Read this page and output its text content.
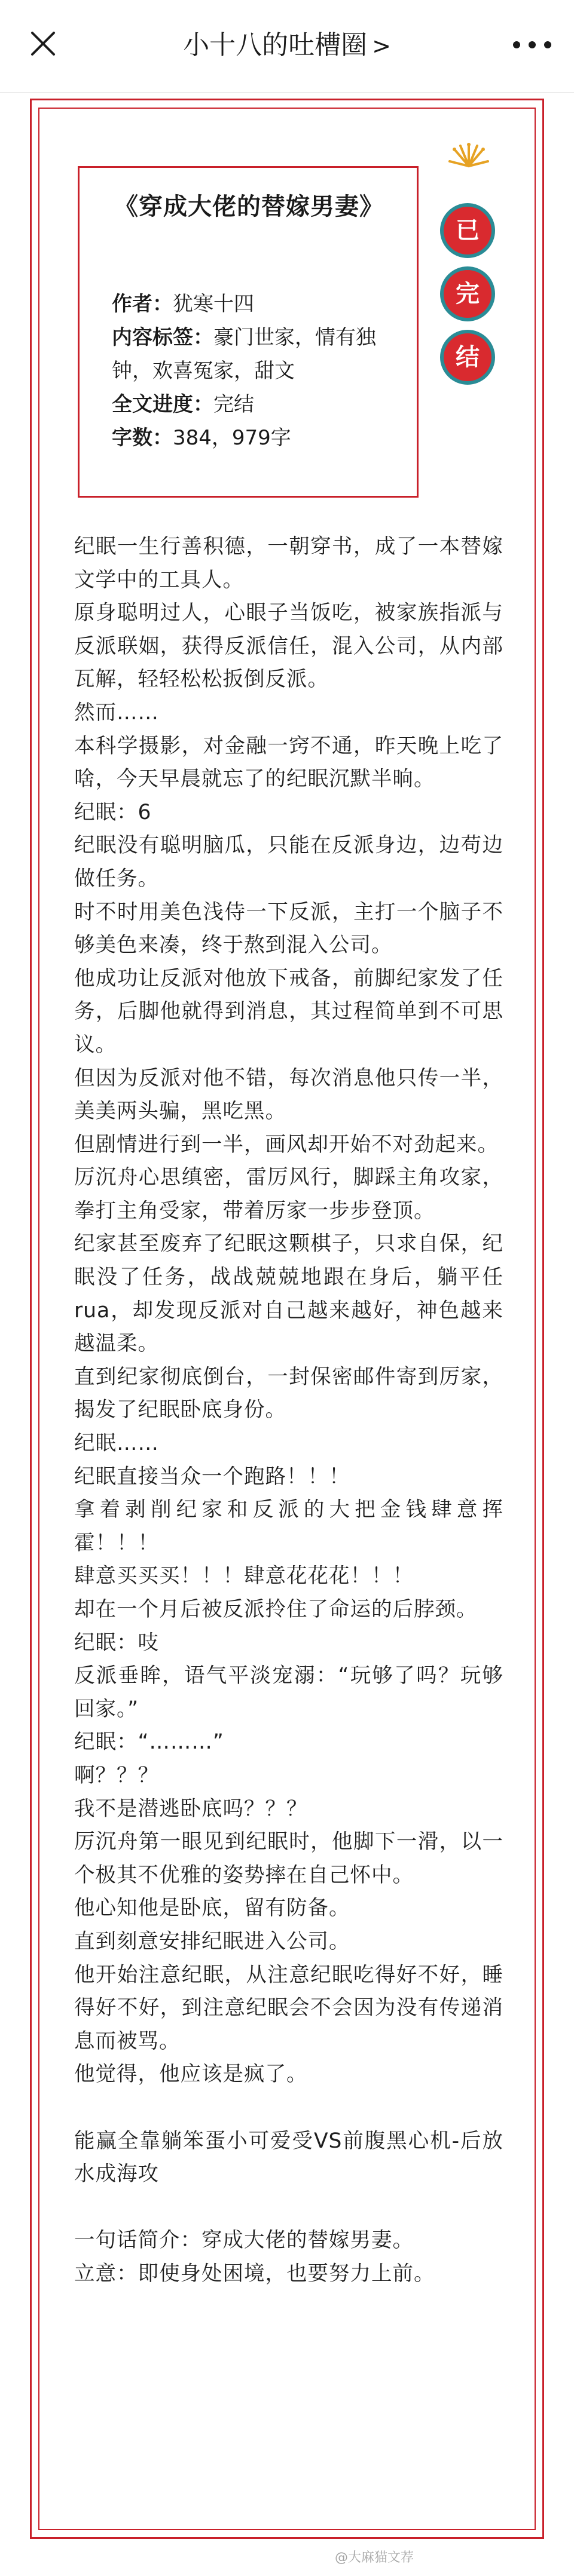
小十八的吐槽圈 >
《穿成大佬的替嫁男妻》
作者：犹寒十四
内容标签：豪门世家，情有独钟，欢喜冤家，甜文
全文进度：完结
字数：384，979字
已
完
结

纪眠一生行善积德，一朝穿书，成了一本替嫁文学中的工具人。

原身聪明过人，心眼子当饭吃，被家族指派与反派联姻，获得反派信任，混入公司，从内部瓦解，轻轻松松扳倒反派。

然而……

本科学摄影，对金融一窍不通，昨天晚上吃了啥，今天早晨就忘了的纪眠沉默半晌。

纪眠：6

纪眠没有聪明脑瓜，只能在反派身边，边苟边做任务。

时不时用美色浅侍一下反派，主打一个脑子不够美色来凑，终于熬到混入公司。

他成功让反派对他放下戒备，前脚纪家发了任务，后脚他就得到消息，其过程简单到不可思议。

但因为反派对他不错，每次消息他只传一半，美美两头骗，黑吃黑。

但剧情进行到一半，画风却开始不对劲起来。

厉沉舟心思缜密，雷厉风行，脚踩主角攻家，拳打主角受家，带着厉家一步步登顶。

纪家甚至废弃了纪眠这颗棋子，只求自保，纪眠没了任务，战战兢兢地跟在身后，躺平任rua，却发现反派对自己越来越好，神色越来越温柔。

直到纪家彻底倒台，一封保密邮件寄到厉家，揭发了纪眠卧底身份。

纪眠……

纪眠直接当众一个跑路！！！

拿着剥削纪家和反派的大把金钱肆意挥霍！！！

肆意买买买！！！肆意花花花！！！

却在一个月后被反派拎住了命运的后脖颈。

纪眠：吱

反派垂眸，语气平淡宠溺：“玩够了吗？玩够回家。”

纪眠：“………”

啊？？？

我不是潜逃卧底吗？？？

厉沉舟第一眼见到纪眠时，他脚下一滑，以一个极其不优雅的姿势摔在自己怀中。

他心知他是卧底，留有防备。

直到刻意安排纪眠进入公司。

他开始注意纪眠，从注意纪眠吃得好不好，睡得好不好，到注意纪眠会不会因为没有传递消息而被骂。

他觉得，他应该是疯了。

能赢全靠躺笨蛋小可爱受VS前腹黑心机-后放水成海攻

一句话简介：穿成大佬的替嫁男妻。

立意：即使身处困境，也要努力上前。

@大麻猫文荐
